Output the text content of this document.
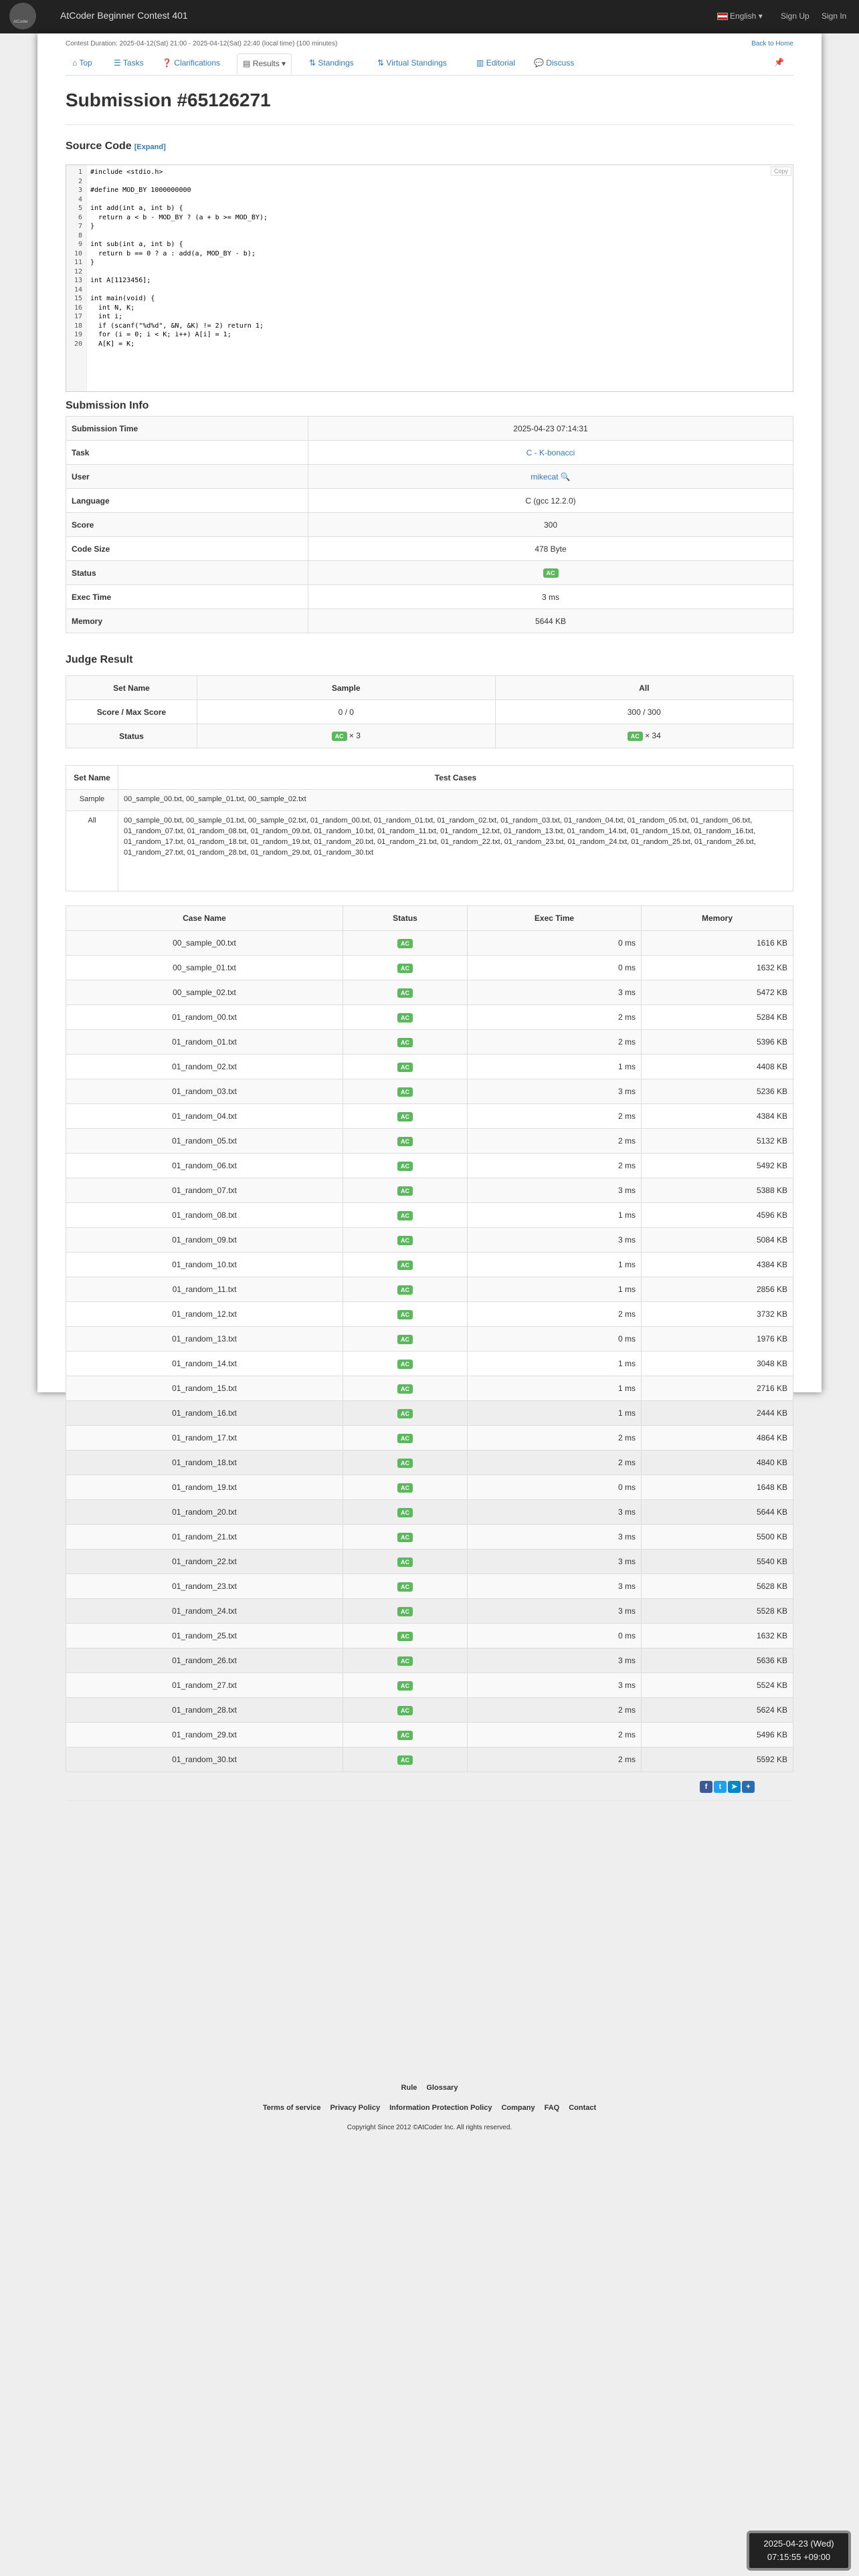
AtCoder
AtCoder Beginner Contest 401	English ▾ Sign Up Sign In
Contest Duration: 2025-04-12(Sat) 21:00 - 2025-04-12(Sat) 22:40 (local time) (100 minutes)	Back to Home
⌂ Top	☰ Tasks ❓ Clarifications	▤ Results ▾	⇅ Standings	⇅ Virtual Standings	▥ Editorial 💬 Discuss	📌
Submission #65126271
Source Code [Expand]
1 #include <stdio.h>
2
3 #define MOD_BY 1000000000
4
5 int add(int a, int b) {
6 return a < b - MOD_BY ? (a + b >= MOD_BY);
7 }
8
9 int sub(int a, int b) {
10 return b == 0 ? a : add(a, MOD_BY - b);
11 }
12
13 int A[1123456];
14
15 int main(void) {
16 int N, K;
17 int i;
18 if (scanf("%d%d", &N, &K) != 2) return 1;
19 for (i = 0; i < K; i++) A[i] = 1;
20 A[K] = K;
Copy
Submission Info
Submission Time	2025-04-23 07:14:31
Task	C - K-bonacci
User	mikecat 🔍
Language	C (gcc 12.2.0)
Score	300
Code Size	478 Byte
Status	AC
Exec Time	3 ms
Memory	5644 KB
Judge Result
Set Name	Sample	All
Score / Max Score	0 / 0	300 / 300
Status	AC × 3	AC × 34
Set Name	Test Cases
Sample	00_sample_00.txt, 00_sample_01.txt, 00_sample_02.txt
All	00_sample_00.txt, 00_sample_01.txt, 00_sample_02.txt, 01_random_00.txt, 01_random_01.txt, 01_random_02.txt, 01_random_03.txt, 01_random_04.txt, 01_random_05.txt, 01_random_06.txt, 01_random_07.txt, 01_random_08.txt, 01_random_09.txt, 01_random_10.txt, 01_random_11.txt, 01_random_12.txt, 01_random_13.txt, 01_random_14.txt, 01_random_15.txt, 01_random_16.txt, 01_random_17.txt, 01_random_18.txt, 01_random_19.txt, 01_random_20.txt, 01_random_21.txt, 01_random_22.txt, 01_random_23.txt, 01_random_24.txt, 01_random_25.txt, 01_random_26.txt, 01_random_27.txt, 01_random_28.txt, 01_random_29.txt, 01_random_30.txt
Case Name	Status	Exec Time	Memory
00_sample_00.txt	AC	0 ms	1616 KB
00_sample_01.txt	AC	0 ms	1632 KB
00_sample_02.txt	AC	3 ms	5472 KB
01_random_00.txt	AC	2 ms	5284 KB
01_random_01.txt	AC	2 ms	5396 KB
01_random_02.txt	AC	1 ms	4408 KB
01_random_03.txt	AC	3 ms	5236 KB
01_random_04.txt	AC	2 ms	4384 KB
01_random_05.txt	AC	2 ms	5132 KB
01_random_06.txt	AC	2 ms	5492 KB
01_random_07.txt	AC	3 ms	5388 KB
01_random_08.txt	AC	1 ms	4596 KB
01_random_09.txt	AC	3 ms	5084 KB
01_random_10.txt	AC	1 ms	4384 KB
01_random_11.txt	AC	1 ms	2856 KB
01_random_12.txt	AC	2 ms	3732 KB
01_random_13.txt	AC	0 ms	1976 KB
01_random_14.txt	AC	1 ms	3048 KB
01_random_15.txt	AC	1 ms	2716 KB
01_random_16.txt	AC	1 ms	2444 KB
01_random_17.txt	AC	2 ms	4864 KB
01_random_18.txt	AC	2 ms	4840 KB
01_random_19.txt	AC	0 ms	1648 KB
01_random_20.txt	AC	3 ms	5644 KB
01_random_21.txt	AC	3 ms	5500 KB
01_random_22.txt	AC	3 ms	5540 KB
01_random_23.txt	AC	3 ms	5628 KB
01_random_24.txt	AC	3 ms	5528 KB
01_random_25.txt	AC	0 ms	1632 KB
01_random_26.txt	AC	3 ms	5636 KB
01_random_27.txt	AC	3 ms	5524 KB
01_random_28.txt	AC	2 ms	5624 KB
01_random_29.txt	AC	2 ms	5496 KB
01_random_30.txt	AC	2 ms	5592 KB
f t ➤ +
Rule Glossary
Terms of service Privacy Policy Information Protection Policy Company FAQ Contact
Copyright Since 2012 ©AtCoder Inc. All rights reserved.
2025-04-23 (Wed)
07:15:55 +09:00
